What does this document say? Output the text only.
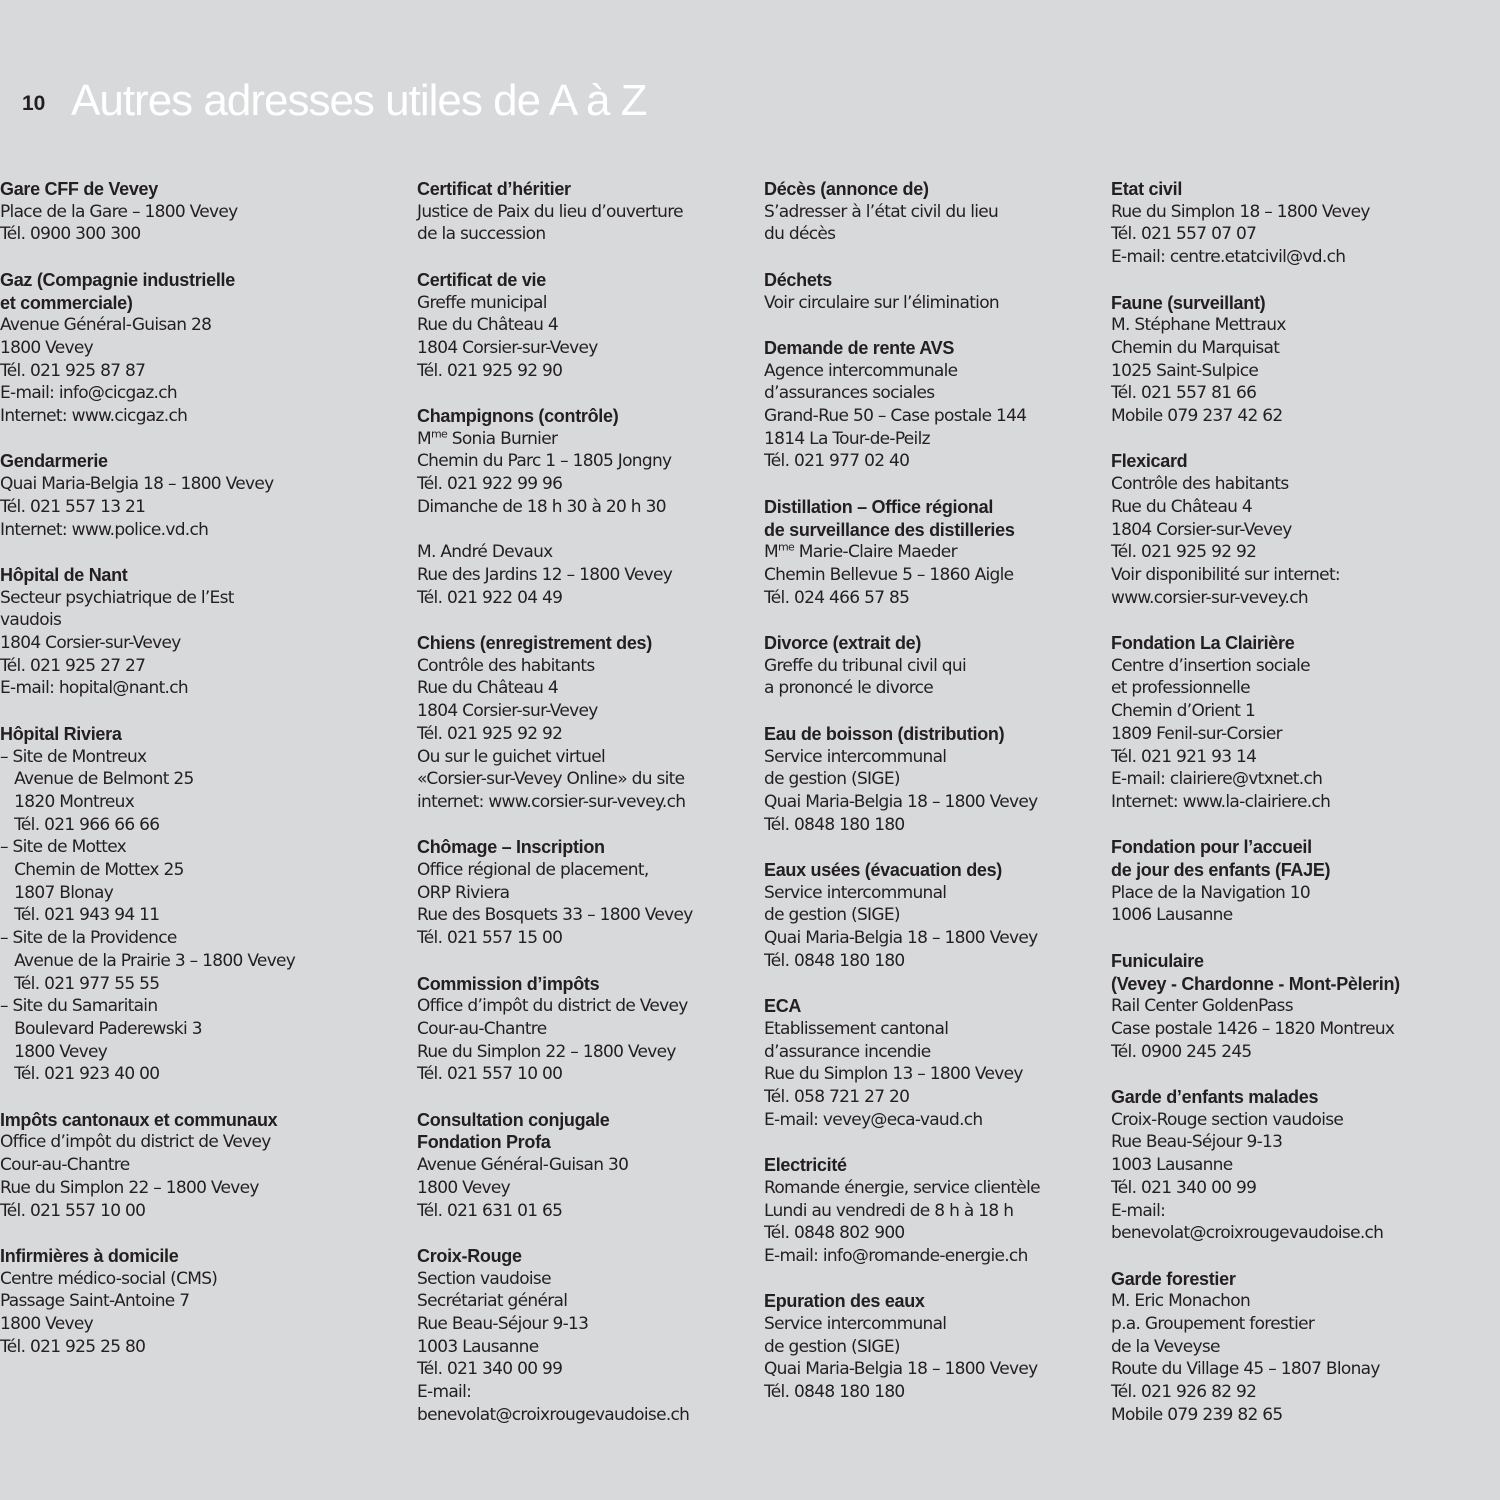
10 Autres adresses utiles de A à Z
Certificat d’héritier
Justice de Paix du lieu d’ouverture
de la succession
Certificat de vie
Greffe municipal
Rue du Château 4
1804 Corsier-sur-Vevey
Tél. 021 925 92 90
Champignons (contrôle)
$M^{me}$ Sonia Burnier
Chemin du Parc 1 – 1805 Jongny
Tél. 021 922 99 96
Dimanche de 18 h 30 à 20 h 30
M. André Devaux
Rue des Jardins 12 – 1800 Vevey
Tél. 021 922 04 49
Chiens (enregistrement des)
Contrôle des habitants
Rue du Château 4
1804 Corsier-sur-Vevey
Tél. 021 925 92 92
Ou sur le guichet virtuel
«Corsier-sur-Vevey Online» du site
internet: www.corsier-sur-vevey.ch
Chômage – Inscription
Office régional de placement,
ORP Riviera
Rue des Bosquets 33 – 1800 Vevey
Tél. 021 557 15 00
Commission d’impôts
Office d’impôt du district de Vevey
Cour-au-Chantre
Rue du Simplon 22 – 1800 Vevey
Tél. 021 557 10 00
Consultation conjugale
Fondation Profa
Avenue Général-Guisan 30
1800 Vevey
Tél. 021 631 01 65
Croix-Rouge
Section vaudoise
Secrétariat général
Rue Beau-Séjour 9-13
1003 Lausanne
Tél. 021 340 00 99
E-mail:
benevolat@croixrougevaudoise.ch
Décès (annonce de)
S’adresser à l’état civil du lieu
du décès
Déchets
Voir circulaire sur l’élimination
Demande de rente AVS
Agence intercommunale
d’assurances sociales
Grand-Rue 50 – Case postale 144
1814 La Tour-de-Peilz
Tél. 021 977 02 40
Distillation – Office régional
de surveillance des distilleries
$M^{me}$ Marie-Claire Maeder
Chemin Bellevue 5 – 1860 Aigle
Tél. 024 466 57 85
Divorce (extrait de)
Greffe du tribunal civil qui
a prononcé le divorce
Eau de boisson (distribution)
Service intercommunal
de gestion (SIGE)
Quai Maria-Belgia 18 – 1800 Vevey
Tél. 0848 180 180
Eaux usées (évacuation des)
Service intercommunal
de gestion (SIGE)
Quai Maria-Belgia 18 – 1800 Vevey
Tél. 0848 180 180
ECA
Etablissement cantonal
d’assurance incendie
Rue du Simplon 13 – 1800 Vevey
Tél. 058 721 27 20
E-mail: vevey@eca-vaud.ch
Electricité
Romande énergie, service clientèle
Lundi au vendredi de 8 h à 18 h
Tél. 0848 802 900
E-mail: info@romande-energie.ch
Epuration des eaux
Service intercommunal
de gestion (SIGE)
Quai Maria-Belgia 18 – 1800 Vevey
Tél. 0848 180 180
Etat civil
Rue du Simplon 18 – 1800 Vevey
Tél. 021 557 07 07
E-mail: centre.etatcivil@vd.ch
Faune (surveillant)
M. Stéphane Mettraux
Chemin du Marquisat
1025 Saint-Sulpice
Tél. 021 557 81 66
Mobile 079 237 42 62
Flexicard
Contrôle des habitants
Rue du Château 4
1804 Corsier-sur-Vevey
Tél. 021 925 92 92
Voir disponibilité sur internet:
www.corsier-sur-vevey.ch
Fondation La Clairière
Centre d’insertion sociale
et professionnelle
Chemin d’Orient 1
1809 Fenil-sur-Corsier
Tél. 021 921 93 14
E-mail: clairiere@vtxnet.ch
Internet: www.la-clairiere.ch
Fondation pour l’accueil
de jour des enfants (FAJE)
Place de la Navigation 10
1006 Lausanne
Funiculaire
(Vevey - Chardonne - Mont-Pèlerin)
Rail Center GoldenPass
Case postale 1426 – 1820 Montreux
Tél. 0900 245 245
Garde d’enfants malades
Croix-Rouge section vaudoise
Rue Beau-Séjour 9-13
1003 Lausanne
Tél. 021 340 00 99
E-mail:
benevolat@croixrougevaudoise.ch
Garde forestier
M. Eric Monachon
p.a. Groupement forestier
de la Veveyse
Route du Village 45 – 1807 Blonay
Tél. 021 926 82 92
Mobile 079 239 82 65
Gare CFF de Vevey
Place de la Gare – 1800 Vevey
Tél. 0900 300 300
Gaz (Compagnie industrielle
et commerciale)
Avenue Général-Guisan 28
1800 Vevey
Tél. 021 925 87 87
E-mail: info@cicgaz.ch
Internet: www.cicgaz.ch
Gendarmerie
Quai Maria-Belgia 18 – 1800 Vevey
Tél. 021 557 13 21
Internet: www.police.vd.ch
Hôpital de Nant
Secteur psychiatrique de l’Est
vaudois
1804 Corsier-sur-Vevey
Tél. 021 925 27 27
E-mail: hopital@nant.ch
Hôpital Riviera
– Site de Montreux
Avenue de Belmont 25
1820 Montreux
Tél. 021 966 66 66
– Site de Mottex
Chemin de Mottex 25
1807 Blonay
Tél. 021 943 94 11
– Site de la Providence
Avenue de la Prairie 3 – 1800 Vevey
Tél. 021 977 55 55
– Site du Samaritain
Boulevard Paderewski 3
1800 Vevey
Tél. 021 923 40 00
Impôts cantonaux et communaux
Office d’impôt du district de Vevey
Cour-au-Chantre
Rue du Simplon 22 – 1800 Vevey
Tél. 021 557 10 00
Infirmières à domicile
Centre médico-social (CMS)
Passage Saint-Antoine 7
1800 Vevey
Tél. 021 925 25 80
